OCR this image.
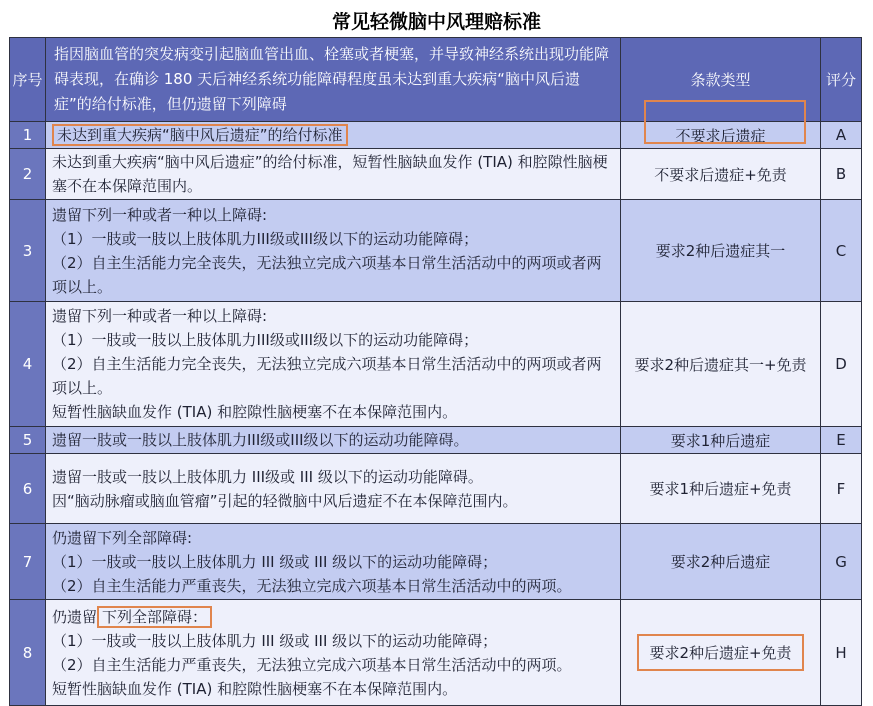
常见轻微脑中风理赔标准
序号	指因脑血管的突发病变引起脑血管出血、栓塞或者梗塞，并导致神经系统出现功能障碍表现，在确诊 180 天后神经系统功能障碍程度虽未达到重大疾病“脑中风后遗症”的给付标准，但仍遗留下列障碍	条款类型	评分
1	未达到重大疾病“脑中风后遗症”的给付标准	不要求后遗症	A
2	未达到重大疾病“脑中风后遗症”的给付标准，短暂性脑缺血发作 (TIA) 和腔隙性脑梗塞不在本保障范围内。	不要求后遗症+免责	B
3	遗留下列一种或者一种以上障碍:
（1）一肢或一肢以上肢体肌力III级或III级以下的运动功能障碍；
（2）自主生活能力完全丧失，无法独立完成六项基本日常生活活动中的两项或者两项以上。	要求2种后遗症其一	C
4	遗留下列一种或者一种以上障碍:
（1）一肢或一肢以上肢体肌力III级或III级以下的运动功能障碍；
（2）自主生活能力完全丧失，无法独立完成六项基本日常生活活动中的两项或者两项以上。
短暂性脑缺血发作 (TIA) 和腔隙性脑梗塞不在本保障范围内。	要求2种后遗症其一+免责	D
5	遗留一肢或一肢以上肢体肌力III级或III级以下的运动功能障碍。	要求1种后遗症	E
6	遗留一肢或一肢以上肢体肌力 III级或 III 级以下的运动功能障碍。
因“脑动脉瘤或脑血管瘤”引起的轻微脑中风后遗症不在本保障范围内。	要求1种后遗症+免责	F
7	仍遗留下列全部障碍:
（1）一肢或一肢以上肢体肌力 III 级或 III 级以下的运动功能障碍；
（2）自主生活能力严重丧失，无法独立完成六项基本日常生活活动中的两项。	要求2种后遗症	G
8	仍遗留 下列全部障碍：
（1）一肢或一肢以上肢体肌力 III 级或 III 级以下的运动功能障碍；
（2）自主生活能力严重丧失，无法独立完成六项基本日常生活活动中的两项。
短暂性脑缺血发作 (TIA) 和腔隙性脑梗塞不在本保障范围内。	要求2种后遗症+免责	H
